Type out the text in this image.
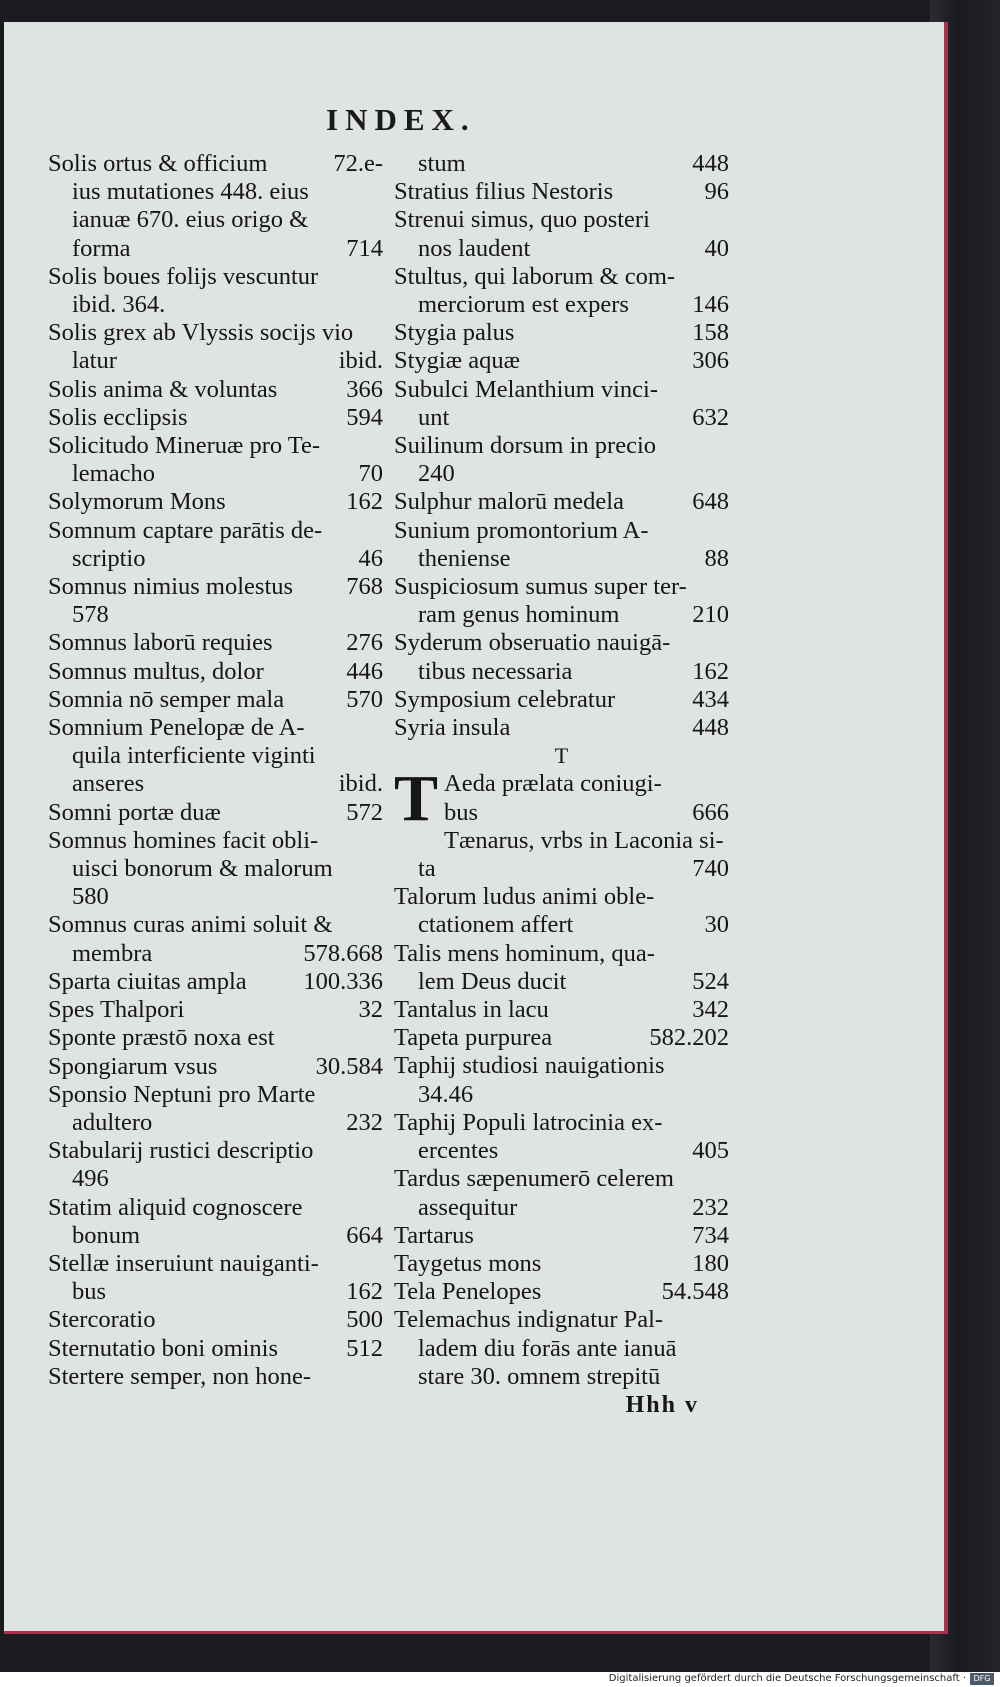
INDEX.
Solis ortus & officium	72.e-
ius mutationes 448. eius
ianuæ 670. eius origo &
forma	714
Solis boues folijs vescuntur
ibid. 364.
Solis grex ab Vlyssis socijs vio
latur	ibid.
Solis anima & voluntas	366
Solis ecclipsis	594
Solicitudo Mineruæ pro Te-
lemacho	70
Solymorum Mons	162
Somnum captare parātis de-
scriptio	46
Somnus nimius molestus	768
578
Somnus laborū requies	276
Somnus multus, dolor	446
Somnia nō semper mala	570
Somnium Penelopæ de A-
quila interficiente viginti
anseres	ibid.
Somni portæ duæ	572
Somnus homines facit obli-
uisci bonorum & malorum
580
Somnus curas animi soluit &
membra	578.668
Sparta ciuitas ampla	100.336
Spes Thalpori	32
Sponte præstō noxa est
Spongiarum vsus	30.584
Sponsio Neptuni pro Marte
adultero	232
Stabularij rustici descriptio
496
Statim aliquid cognoscere
bonum	664
Stellæ inseruiunt nauiganti-
bus	162
Stercoratio	500
Sternutatio boni ominis	512
Stertere semper, non hone-
stum	448
Stratius filius Nestoris	96
Strenui simus, quo posteri
nos laudent	40
Stultus, qui laborum & com-
merciorum est expers	146
Stygia palus	158
Stygiæ aquæ	306
Subulci Melanthium vinci-
unt	632
Suilinum dorsum in precio
240
Sulphur malorū medela	648
Sunium promontorium A-
theniense	88
Suspiciosum sumus super ter-
ram genus hominum	210
Syderum obseruatio nauigā-
tibus necessaria	162
Symposium celebratur	434
Syria insula	448
T
T Aeda prælata coniugi-
bus	666
Tænarus, vrbs in Laconia si-
ta	740
Talorum ludus animi oble-
ctationem affert	30
Talis mens hominum, qua-
lem Deus ducit	524
Tantalus in lacu	342
Tapeta purpurea	582.202
Taphij studiosi nauigationis
34.46
Taphij Populi latrocinia ex-
ercentes	405
Tardus sæpenumerō celerem
assequitur	232
Tartarus	734
Taygetus mons	180
Tela Penelopes	54.548
Telemachus indignatur Pal-
ladem diu forās ante ianuā
stare 30. omnem strepitū
Hhh v
Digitalisierung gefördert durch die Deutsche Forschungsgemeinschaft · DFG
